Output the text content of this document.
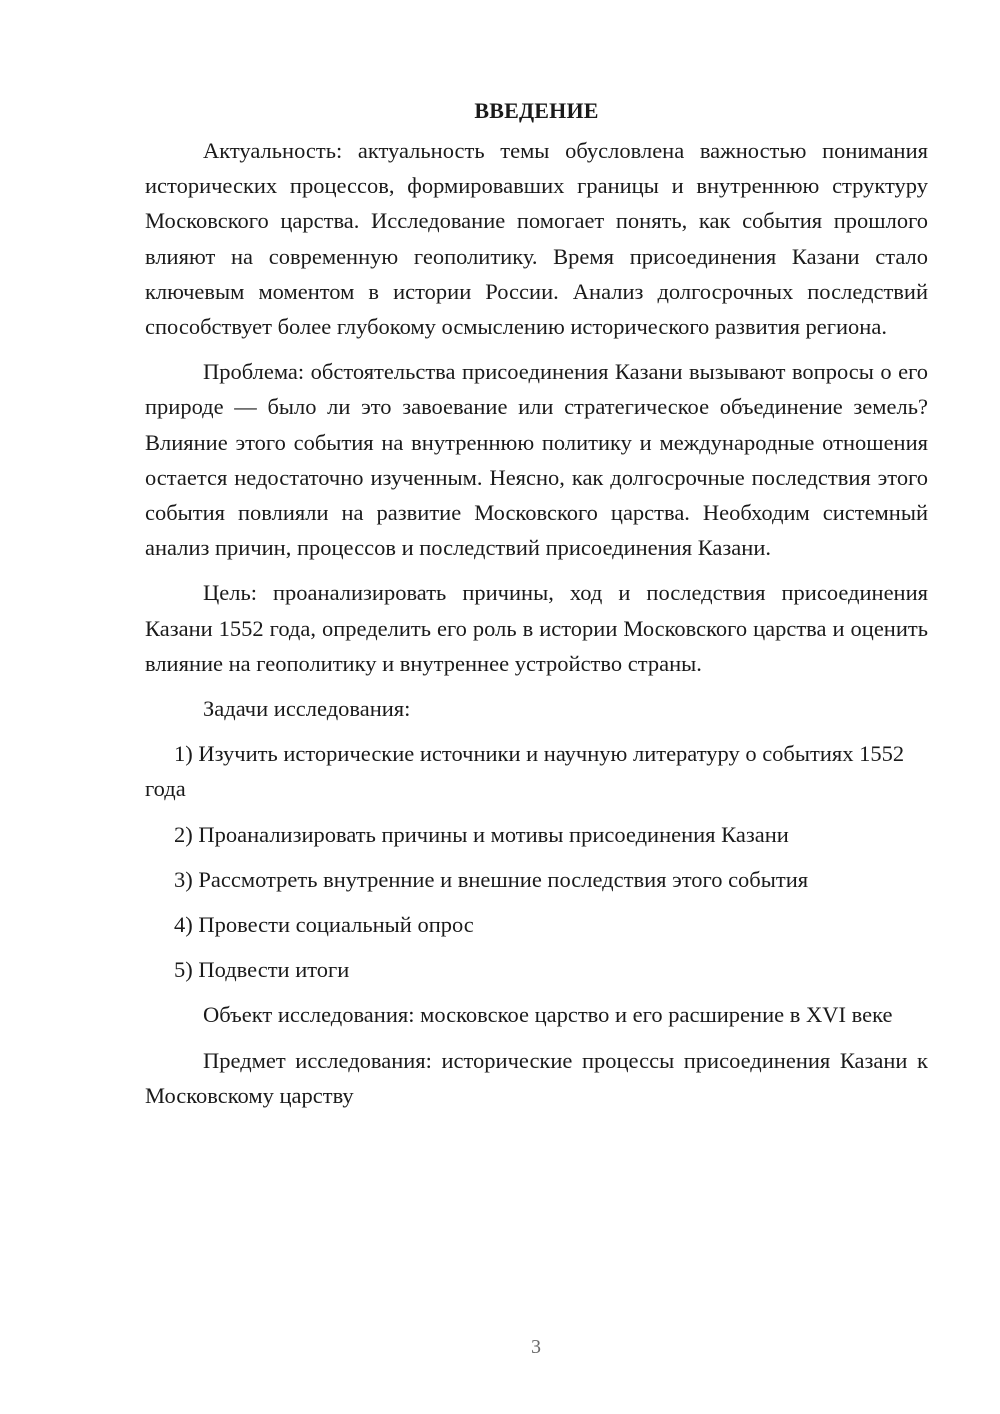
ВВЕДЕНИЕ

Актуальность: актуальность темы обусловлена важностью понимания исторических процессов, формировавших границы и внутреннюю структуру Московского царства. Исследование помогает понять, как события прошлого влияют на современную геополитику. Время присоединения Казани стало ключевым моментом в истории России. Анализ долгосрочных последствий способствует более глубокому осмыслению исторического развития региона.

Проблема: обстоятельства присоединения Казани вызывают вопросы о его природе — было ли это завоевание или стратегическое объединение земель? Влияние этого события на внутреннюю политику и международные отношения остается недостаточно изученным. Неясно, как долгосрочные последствия этого события повлияли на развитие Московского царства. Необходим системный анализ причин, процессов и последствий присоединения Казани.

Цель: проанализировать причины, ход и последствия присоединения Казани 1552 года, определить его роль в истории Московского царства и оценить влияние на геополитику и внутреннее устройство страны.

Задачи исследования:

1) Изучить исторические источники и научную литературу о событиях 1552 года

2) Проанализировать причины и мотивы присоединения Казани

3) Рассмотреть внутренние и внешние последствия этого события

4) Провести социальный опрос

5) Подвести итоги

Объект исследования: московское царство и его расширение в XVI веке

Предмет исследования: исторические процессы присоединения Казани к Московскому царству

3
